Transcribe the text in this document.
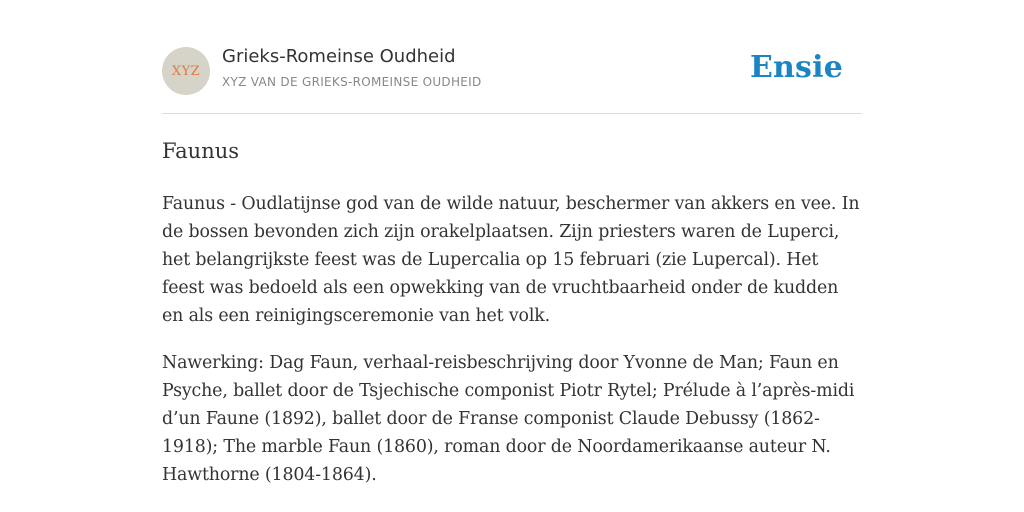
XYZ
Grieks-Romeinse Oudheid
XYZ VAN DE GRIEKS-ROMEINSE OUDHEID	Ensie
Faunus

Faunus - Oudlatijnse god van de wilde natuur, beschermer van akkers en vee. In de bossen bevonden zich zijn orakelplaatsen. Zijn priesters waren de Luperci, het belangrijkste feest was de Lupercalia op 15 februari (zie Lupercal). Het feest was bedoeld als een opwekking van de vruchtbaarheid onder de kudden en als een reinigingsceremonie van het volk.

Nawerking: Dag Faun, verhaal-reisbeschrijving door Yvonne de Man; Faun en Psyche, ballet door de Tsjechische componist Piotr Rytel; Prélude à l’après-midi d’un Faune (1892), ballet door de Franse componist Claude Debussy (1862-1918); The marble Faun (1860), roman door de Noordamerikaanse auteur N. Hawthorne (1804-1864).
